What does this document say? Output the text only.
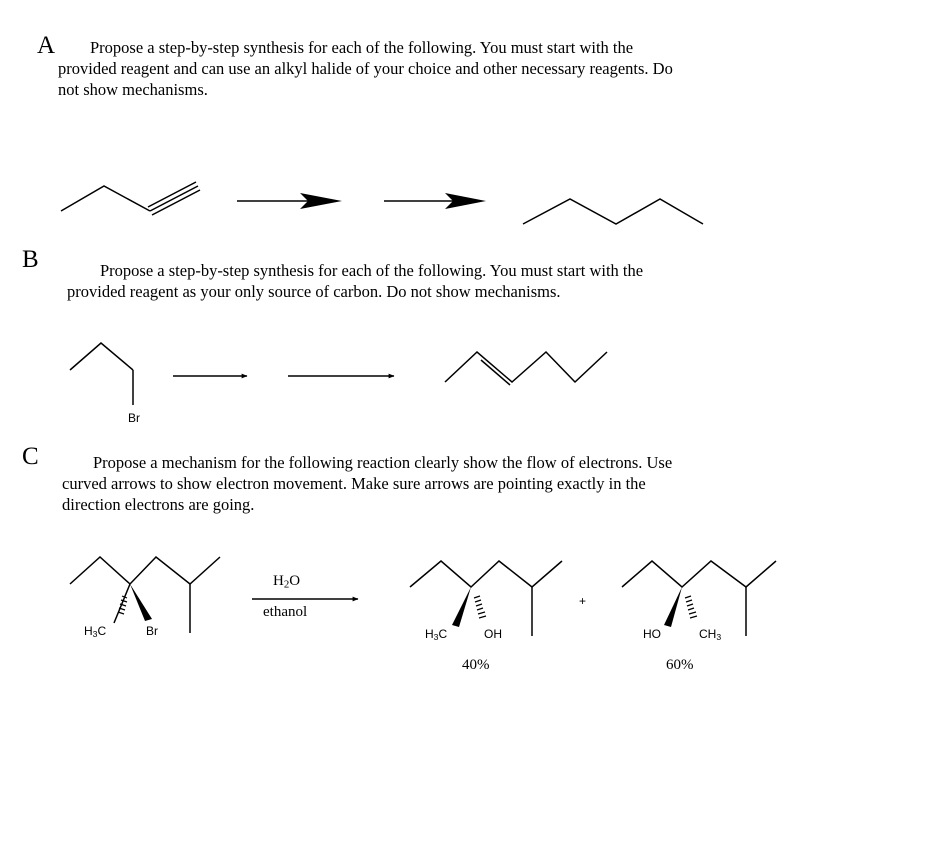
A Propose a step-by-step synthesis for each of the following. You must start with the
provided reagent and can use an alkyl halide of your choice and other necessary reagents. Do
not show mechanisms.
B	Propose a step-by-step synthesis for each of the following. You must start with the
provided reagent as your only source of carbon. Do not show mechanisms.
Br
C	Propose a mechanism for the following reaction clearly show the flow of electrons. Use
curved arrows to show electron movement. Make sure arrows are pointing exactly in the
direction electrons are going.
$H_3C$	Br
$H_2O$
ethanol
$H_3C$	OH
40%
+
HO	$CH_3$
60%
